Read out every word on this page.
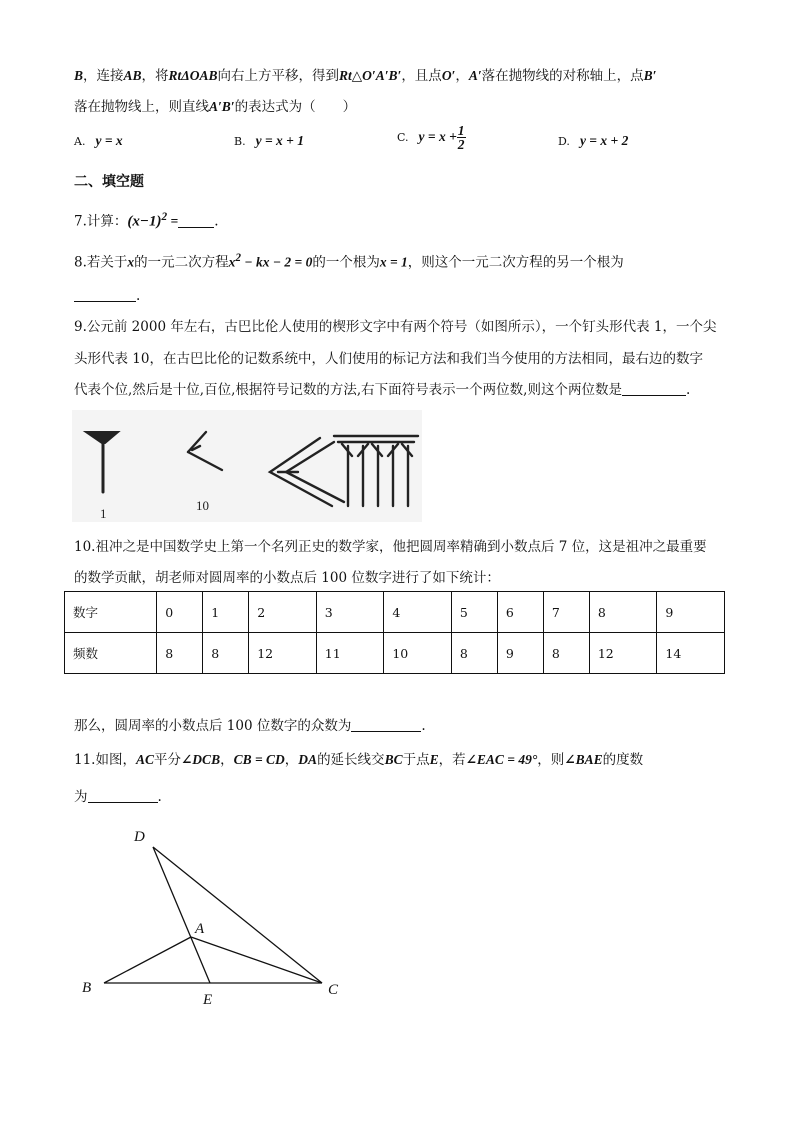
B，连接AB，将RtΔOAB向右上方平移，得到Rt△O′A′B′，且点O′，A′落在抛物线的对称轴上，点B′
落在抛物线上，则直线A′B′的表达式为（　　）
A. y = x	B. y = x + 1	C. $y = x + \frac{1}{2}$	D. y = x + 2
二、填空题
7.计算：$(x-1)^2$ =	.
8.若关于x的一元二次方程$x^2$ − kx − 2 = 0的一个根为x = 1，则这个一元二次方程的另一个根为
.
9.公元前 2000 年左右，古巴比伦人使用的楔形文字中有两个符号（如图所示），一个钉头形代表 1，一个尖
头形代表 10，在古巴比伦的记数系统中，人们使用的标记方法和我们当今使用的方法相同，最右边的数字
代表个位,然后是十位,百位,根据符号记数的方法,右下面符号表示一个两位数,则这个两位数是	.
1
10
10.祖冲之是中国数学史上第一个名列正史的数学家，他把圆周率精确到小数点后 7 位，这是祖冲之最重要
的数学贡献，胡老师对圆周率的小数点后 100 位数字进行了如下统计：
数字	0	1	2	3	4	5	6	7	8	9
频数	8	8	12	11	10	8	9	8	12	14
那么，圆周率的小数点后 100 位数字的众数为	.
11.如图，AC平分∠DCB，CB = CD，DA的延长线交BC于点E，若∠EAC = 49°，则∠BAE的度数
为	.
D
A
B
E
C
